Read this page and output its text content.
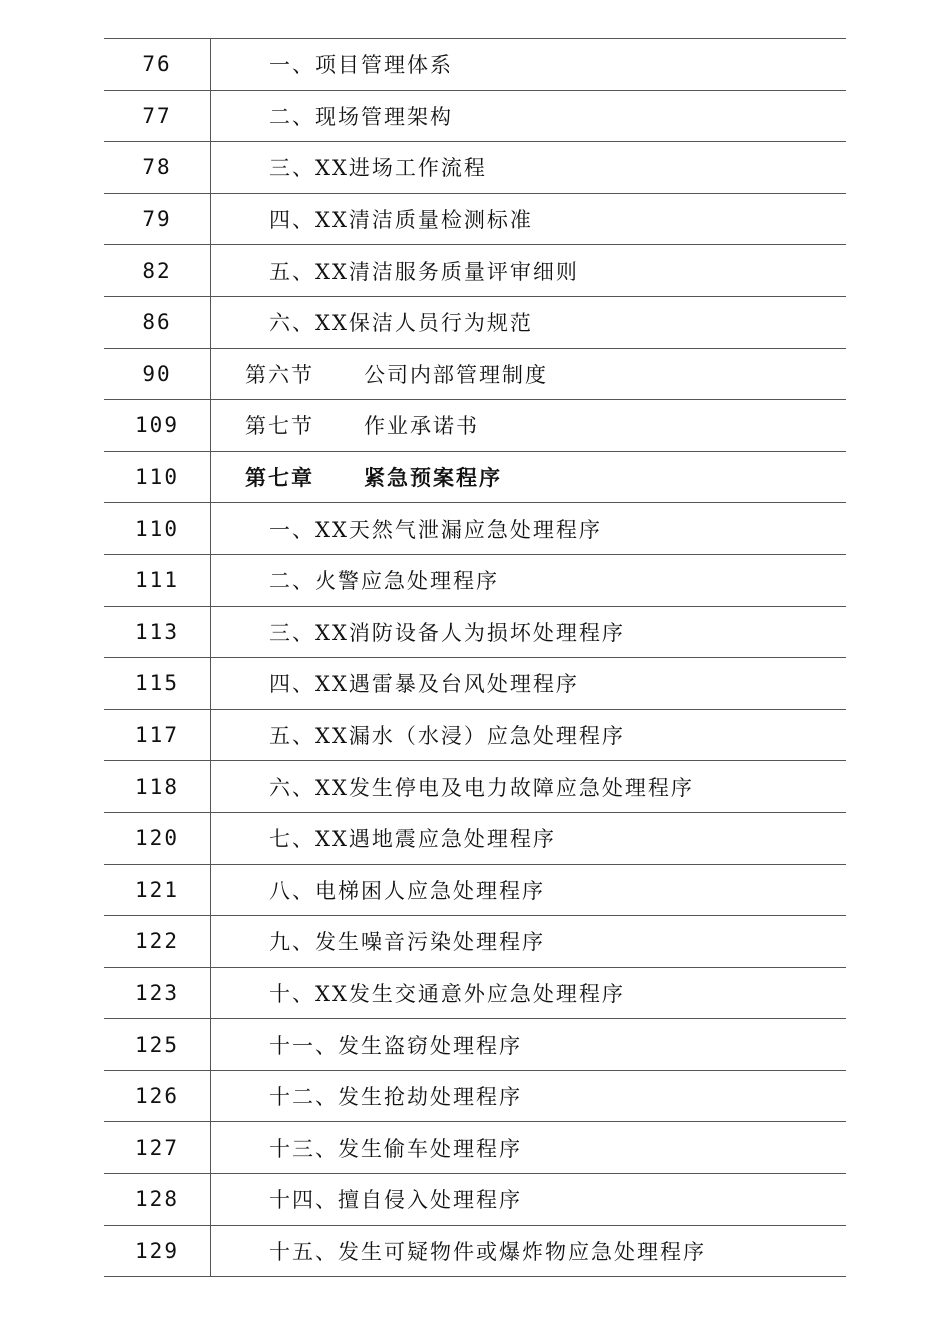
76	一、项目管理体系
77	二、现场管理架构
78	三、XX进场工作流程
79	四、XX清洁质量检测标准
82	五、XX清洁服务质量评审细则
86	六、XX保洁人员行为规范
90	第六节 公司内部管理制度
109	第七节 作业承诺书
110	第七章 紧急预案程序
110	一、XX天然气泄漏应急处理程序
111	二、火警应急处理程序
113	三、XX消防设备人为损坏处理程序
115	四、XX遇雷暴及台风处理程序
117	五、XX漏水（水浸）应急处理程序
118	六、XX发生停电及电力故障应急处理程序
120	七、XX遇地震应急处理程序
121	八、电梯困人应急处理程序
122	九、发生噪音污染处理程序
123	十、XX发生交通意外应急处理程序
125	十一、发生盗窃处理程序
126	十二、发生抢劫处理程序
127	十三、发生偷车处理程序
128	十四、擅自侵入处理程序
129	十五、发生可疑物件或爆炸物应急处理程序
